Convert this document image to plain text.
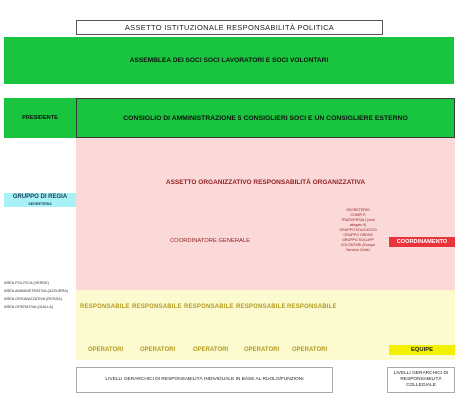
ASSETTO ISTITUZIONALE RESPONSABILITÀ POLITICA
ASSEMBLEA DEI SOCI SOCI LAVORATORI E SOCI VOLONTARI
PRESIDENTE	CONSIGLIO DI AMMINISTRAZIONE 5 CONSIGLIERI SOCI E UN CONSIGLIERE ESTERNO
ASSETTO ORGANIZZATIVO RESPONSABILITÀ ORGANIZZATIVA
COORDINATORE GENERALE
SEGRETERIO
COMPITI
TRASVERSALI (vedi
allegato 9)
GRUPPO EDUCATIVO
GRUPPO ORDINI
GRUPPO SVILUPP
VOLONTARI (Europe
Servizio Civile)
COORDINAMENTO
GRUPPO DI REGIA
SEGRETERIA
AREA POLITICA (VERDE)
AREA AMMINISTRATIVA (AZZURRA)
AREA ORGANIZZATIVA (ROSSA)
AREA OPERATIVA (GIALLA)	RESPONSABILE RESPONSABILE RESPONSABILE RESPONSABILE RESPONSABILE
OPERATORI	OPERATORI	OPERATORI	OPERATORI OPERATORI	EQUIPE
LIVELLI GERARCHICI DI RESPONSABILITÀ INDIVIDUALE IN BASE AL RUOLO/FUNZIONI
LIVELLI GERARCHICI DI RESPONSABILITÀ COLLEGIALE
